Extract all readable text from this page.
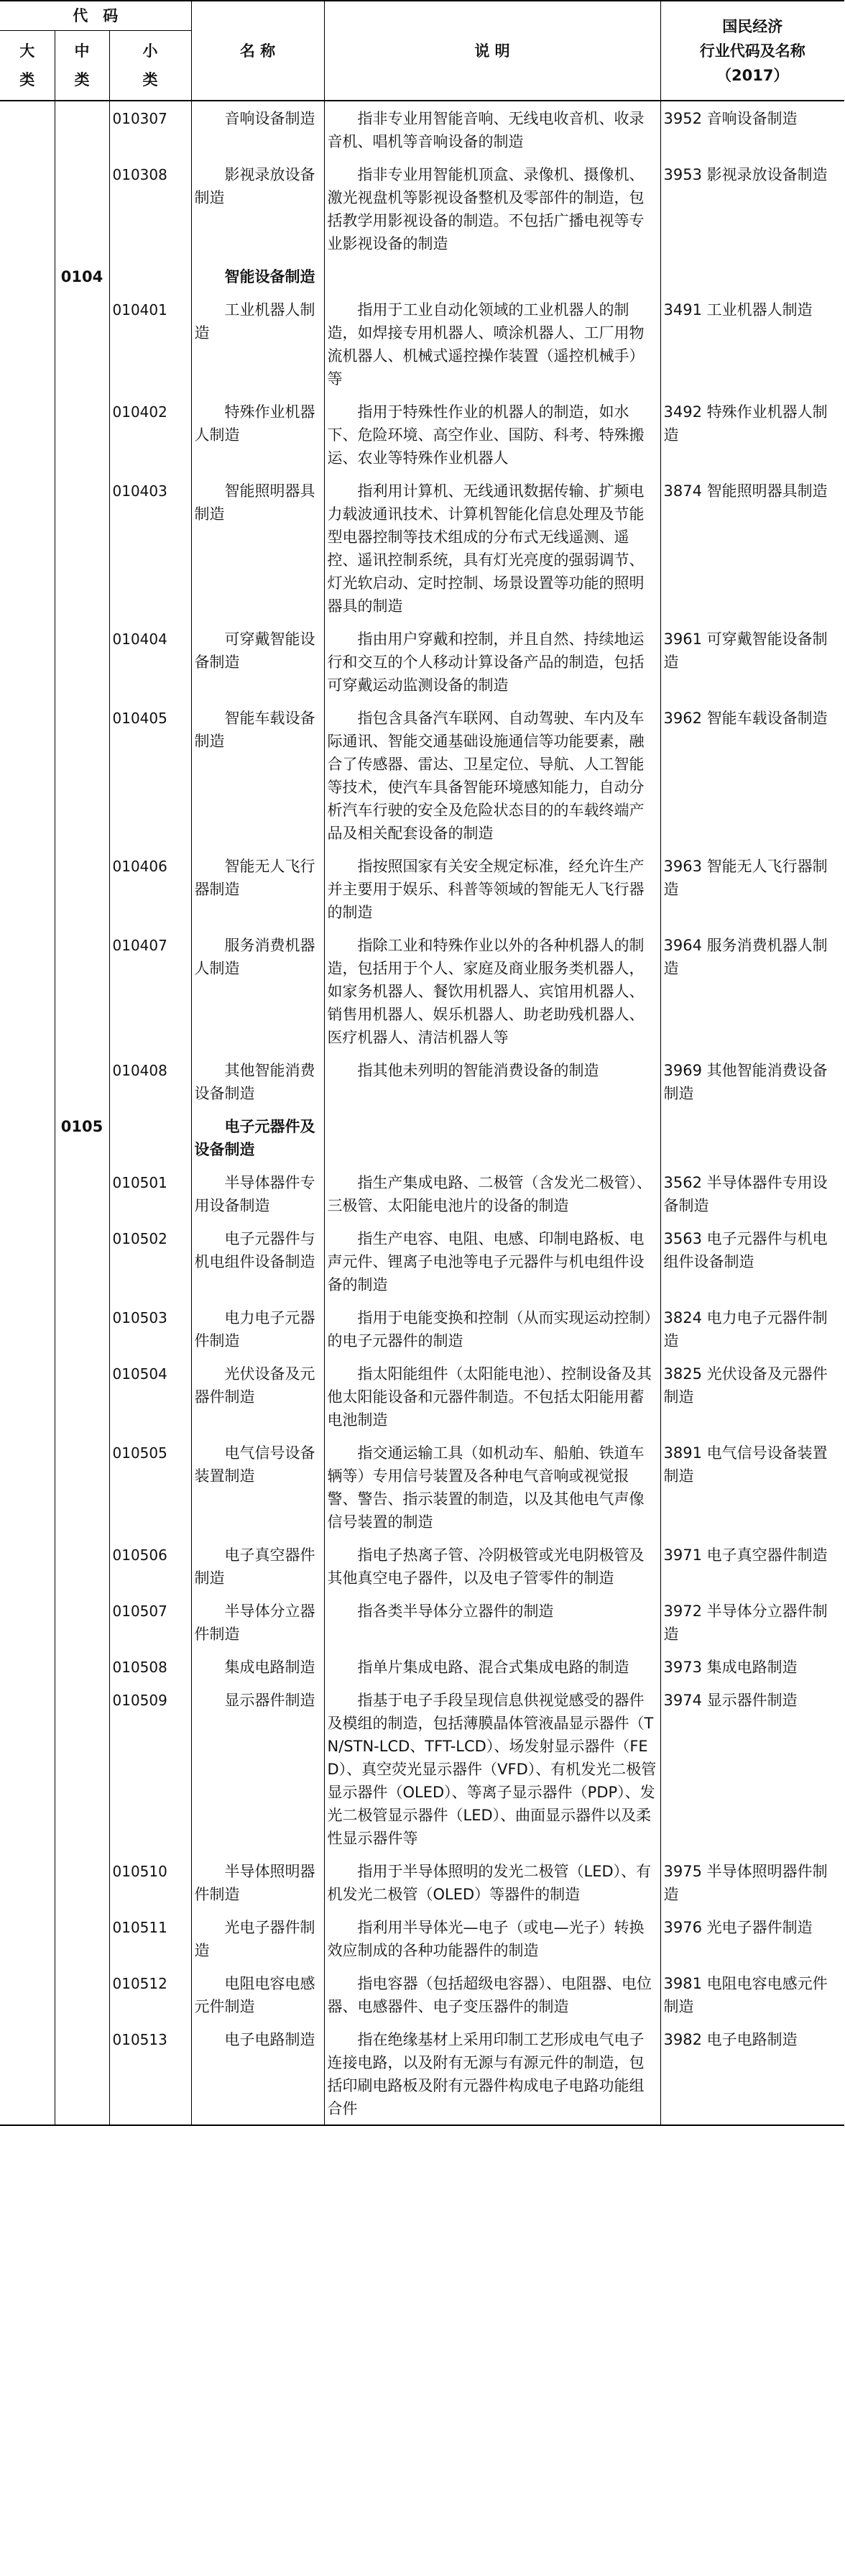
代　码			名 称	说 明	国民经济
行业代码及名称
（2017）
大
类	中
类	小
类			
		010307	音响设备制造	指非专业用智能音响、无线电收音机、收录音机、唱机等音响设备的制造	3952 音响设备制造
		010308	影视录放设备制造	指非专业用智能机顶盒、录像机、摄像机、激光视盘机等影视设备整机及零部件的制造，包括教学用影视设备的制造。不包括广播电视等专业影视设备的制造	3953 影视录放设备制造
	0104		智能设备制造		
		010401	工业机器人制造	指用于工业自动化领域的工业机器人的制造，如焊接专用机器人、喷涂机器人、工厂用物流机器人、机械式遥控操作装置（遥控机械手）等	3491 工业机器人制造
		010402	特殊作业机器人制造	指用于特殊性作业的机器人的制造，如水下、危险环境、高空作业、国防、科考、特殊搬运、农业等特殊作业机器人	3492 特殊作业机器人制造
		010403	智能照明器具制造	指利用计算机、无线通讯数据传输、扩频电力载波通讯技术、计算机智能化信息处理及节能型电器控制等技术组成的分布式无线遥测、遥控、遥讯控制系统，具有灯光亮度的强弱调节、灯光软启动、定时控制、场景设置等功能的照明器具的制造	3874 智能照明器具制造
		010404	可穿戴智能设备制造	指由用户穿戴和控制，并且自然、持续地运行和交互的个人移动计算设备产品的制造，包括可穿戴运动监测设备的制造	3961 可穿戴智能设备制造
		010405	智能车载设备制造	指包含具备汽车联网、自动驾驶、车内及车际通讯、智能交通基础设施通信等功能要素，融合了传感器、雷达、卫星定位、导航、人工智能等技术，使汽车具备智能环境感知能力，自动分析汽车行驶的安全及危险状态目的的车载终端产品及相关配套设备的制造	3962 智能车载设备制造
		010406	智能无人飞行器制造	指按照国家有关安全规定标准，经允许生产并主要用于娱乐、科普等领域的智能无人飞行器的制造	3963 智能无人飞行器制造
		010407	服务消费机器人制造	指除工业和特殊作业以外的各种机器人的制造，包括用于个人、家庭及商业服务类机器人，如家务机器人、餐饮用机器人、宾馆用机器人、销售用机器人、娱乐机器人、助老助残机器人、医疗机器人、清洁机器人等	3964 服务消费机器人制造
		010408	其他智能消费设备制造	指其他未列明的智能消费设备的制造	3969 其他智能消费设备制造
	0105		电子元器件及设备制造		
		010501	半导体器件专用设备制造	指生产集成电路、二极管（含发光二极管）、三极管、太阳能电池片的设备的制造	3562 半导体器件专用设备制造
		010502	电子元器件与机电组件设备制造	指生产电容、电阻、电感、印制电路板、电声元件、锂离子电池等电子元器件与机电组件设备的制造	3563 电子元器件与机电组件设备制造
		010503	电力电子元器件制造	指用于电能变换和控制（从而实现运动控制）的电子元器件的制造	3824 电力电子元器件制造
		010504	光伏设备及元器件制造	指太阳能组件（太阳能电池）、控制设备及其他太阳能设备和元器件制造。不包括太阳能用蓄电池制造	3825 光伏设备及元器件制造
		010505	电气信号设备装置制造	指交通运输工具（如机动车、船舶、铁道车辆等）专用信号装置及各种电气音响或视觉报警、警告、指示装置的制造，以及其他电气声像信号装置的制造	3891 电气信号设备装置制造
		010506	电子真空器件制造	指电子热离子管、冷阴极管或光电阴极管及其他真空电子器件，以及电子管零件的制造	3971 电子真空器件制造
		010507	半导体分立器件制造	指各类半导体分立器件的制造	3972 半导体分立器件制造
		010508	集成电路制造	指单片集成电路、混合式集成电路的制造	3973 集成电路制造
		010509	显示器件制造	指基于电子手段呈现信息供视觉感受的器件及模组的制造，包括薄膜晶体管液晶显示器件（TN/STN-LCD、TFT-LCD）、场发射显示器件（FED）、真空荧光显示器件（VFD）、有机发光二极管显示器件（OLED）、等离子显示器件（PDP）、发光二极管显示器件（LED）、曲面显示器件以及柔性显示器件等	3974 显示器件制造
		010510	半导体照明器件制造	指用于半导体照明的发光二极管（LED）、有机发光二极管（OLED）等器件的制造	3975 半导体照明器件制造
		010511	光电子器件制造	指利用半导体光—电子（或电—光子）转换效应制成的各种功能器件的制造	3976 光电子器件制造
		010512	电阻电容电感元件制造	指电容器（包括超级电容器）、电阻器、电位器、电感器件、电子变压器件的制造	3981 电阻电容电感元件制造
		010513	电子电路制造	指在绝缘基材上采用印制工艺形成电气电子连接电路，以及附有无源与有源元件的制造，包括印刷电路板及附有元器件构成电子电路功能组合件	3982 电子电路制造
